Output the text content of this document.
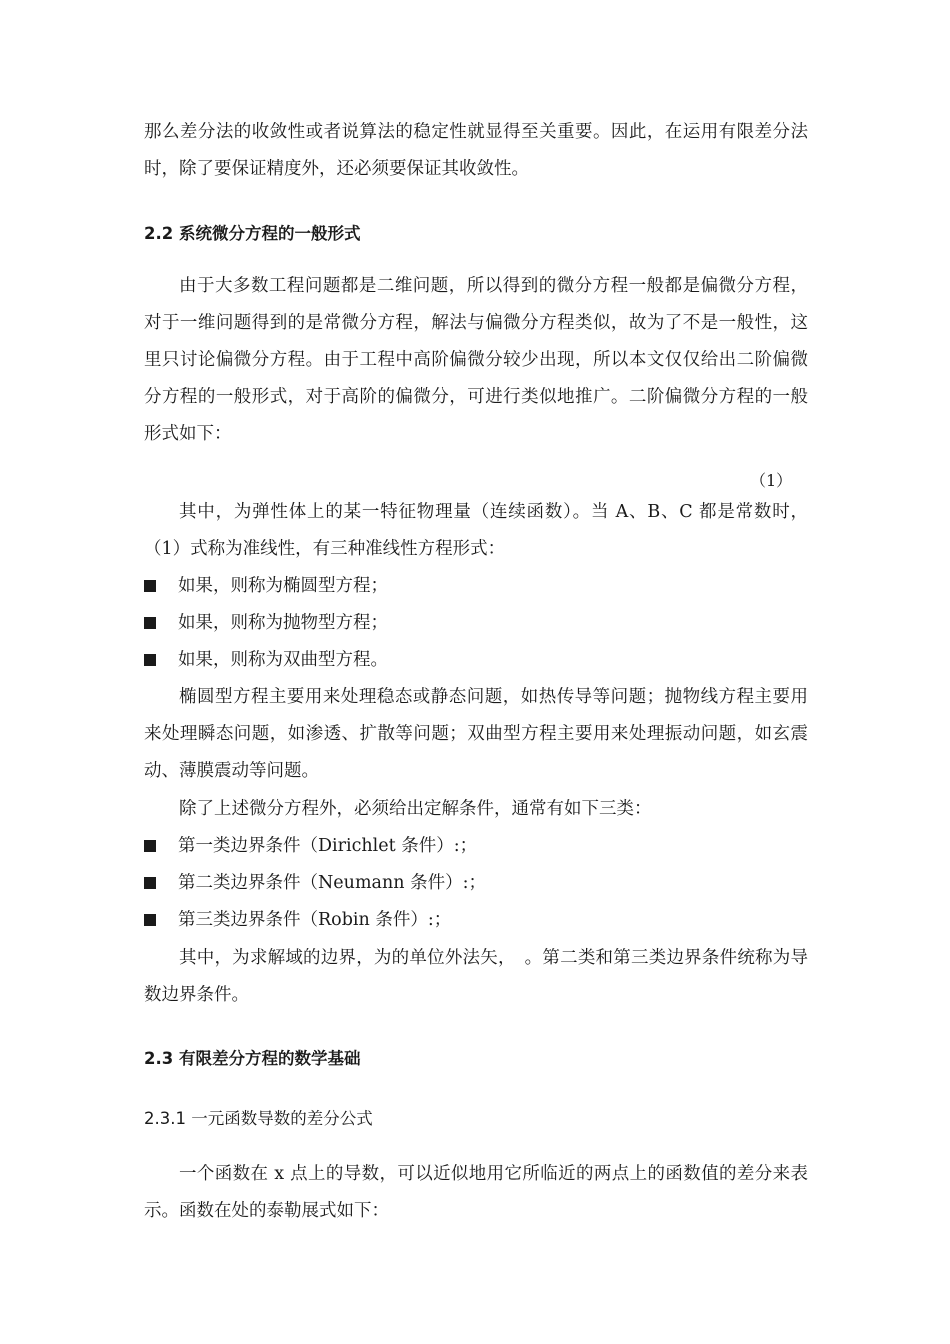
那么差分法的收敛性或者说算法的稳定性就显得至关重要。因此，在运用有限差分法时，除了要保证精度外，还必须要保证其收敛性。
2.2 系统微分方程的一般形式
由于大多数工程问题都是二维问题，所以得到的微分方程一般都是偏微分方程，对于一维问题得到的是常微分方程，解法与偏微分方程类似，故为了不是一般性，这里只讨论偏微分方程。由于工程中高阶偏微分较少出现，所以本文仅仅给出二阶偏微分方程的一般形式，对于高阶的偏微分，可进行类似地推广。二阶偏微分方程的一般形式如下：
（1）
其中，为弹性体上的某一特征物理量（连续函数）。当 A、B、C 都是常数时，（1）式称为准线性，有三种准线性方程形式：
如果，则称为椭圆型方程；
如果，则称为抛物型方程；
如果，则称为双曲型方程。
椭圆型方程主要用来处理稳态或静态问题，如热传导等问题；抛物线方程主要用来处理瞬态问题，如渗透、扩散等问题；双曲型方程主要用来处理振动问题，如玄震动、薄膜震动等问题。
除了上述微分方程外，必须给出定解条件，通常有如下三类：
第一类边界条件（Dirichlet 条件）:；
第二类边界条件（Neumann 条件）:；
第三类边界条件（Robin 条件）:；
其中，为求解域的边界，为的单位外法矢，　。第二类和第三类边界条件统称为导数边界条件。
2.3 有限差分方程的数学基础
2.3.1 一元函数导数的差分公式
一个函数在 x 点上的导数，可以近似地用它所临近的两点上的函数值的差分来表示。函数在处的泰勒展式如下：
